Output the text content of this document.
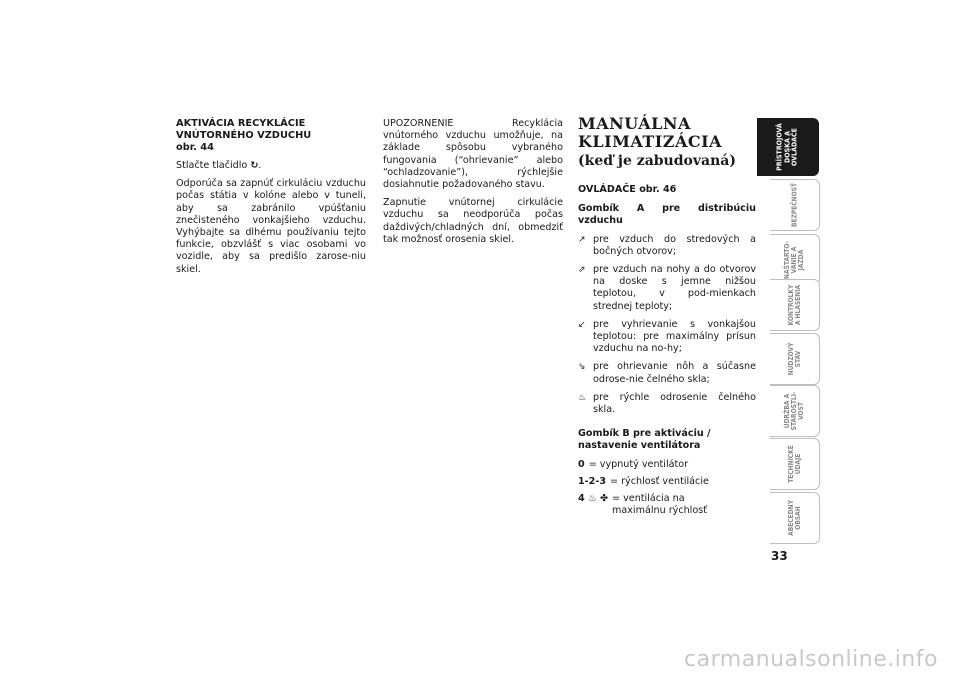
AKTIVÁCIA RECYKLÁCIE
VNÚTORNÉHO VZDUCHU
obr. 44

Stlačte tlačidlo ↻.

Odporúča sa zapnúť cirkuláciu vzduchu počas státia v kolóne alebo v tuneli, aby sa zabránilo vpúšťaniu znečisteného vonkajšieho vzduchu. Vyhýbajte sa dlhému používaniu tejto funkcie, obzvlášť s viac osobami vo vozidle, aby sa predišlo zarose-niu skiel.

UPOZORNENIE Recyklácia vnútorného vzduchu umožňuje, na základe spôsobu vybraného fungovania (“ohrievanie” alebo “ochladzovanie”), rýchlejšie dosiahnutie požadovaného stavu.

Zapnutie vnútornej cirkulácie vzduchu sa neodporúča počas daždivých/chladných dní, obmedziť tak možnosť orosenia skiel.

MANUÁLNA
KLIMATIZÁCIA
(keď je zabudovaná)

OVLÁDAČE obr. 46

Gombík A pre distribúciu vzduchu

↗ pre vzduch do stredových a bočných otvorov;
⇗ pre vzduch na nohy a do otvorov na doske s jemne nižšou teplotou, v pod-mienkach strednej teploty;
↙ pre vyhrievanie s vonkajšou teplotou: pre maximálny prísun vzduchu na no-hy;
⇘ pre ohrievanie nôh a súčasne odrose-nie čelného skla;
♨ pre rýchle odrosenie čelného skla.

Gombík B pre aktiváciu /
nastavenie ventilátora

0 = vypnutý ventilátor
1-2-3 = rýchlosť ventilácie
4 ♨ ✤ = ventilácia na maximálnu rýchlosť
PRÍSTROJOVÁ
DOSKA A
OVLÁDAČE
BEZPEČNOSŤ
NAŠTARTO-
VANIE A
JAZDA
KONTROLKY
A HLÁSENIA
NÚDZOVÝ
STAV
ÚDRŽBA A
STAROSTLI-
VOSŤ
TECHNICKÉ
ÚDAJE
ABECEDNÝ
OBSAH
33
carmanualsonline.info
